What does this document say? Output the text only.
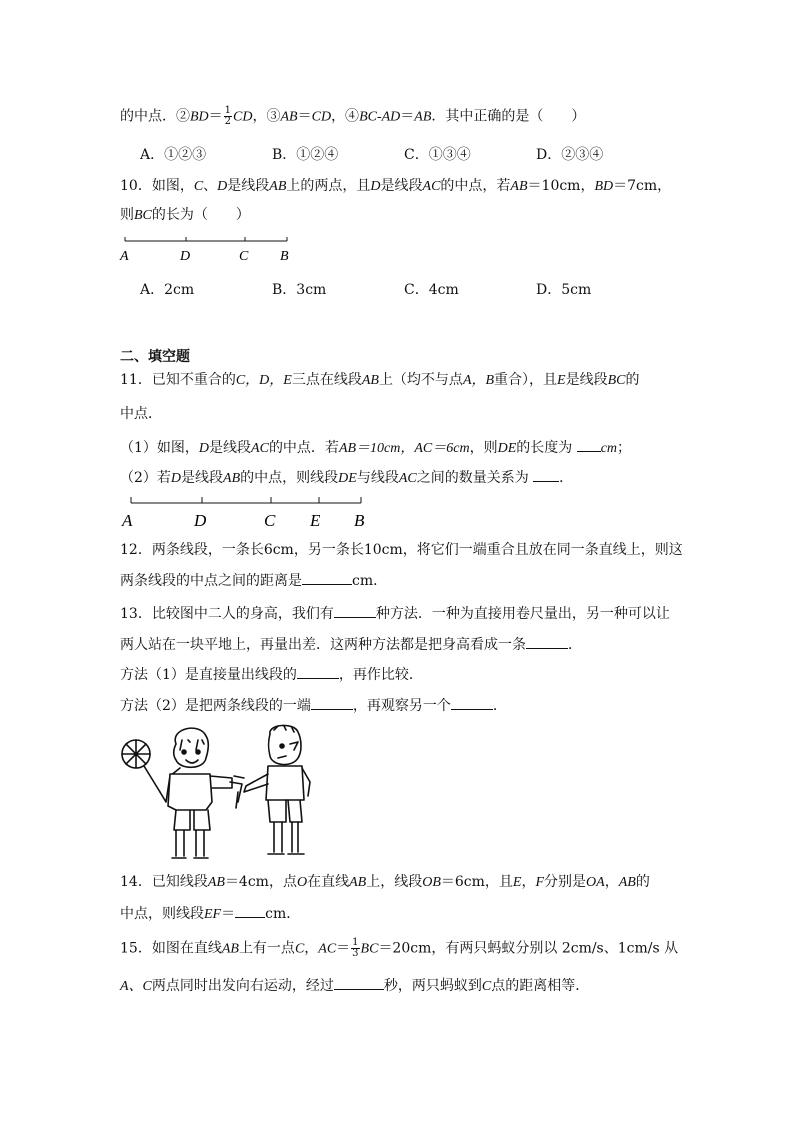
的中点．②BD＝ $\frac{1}{2}$ CD，③AB＝CD，④BC-AD＝AB．其中正确的是（　　）
A．①②③	B．①②④	C．①③④	D．②③④
10．如图，C、D是线段AB上的两点，且D是线段AC的中点，若AB＝10cm，BD＝7cm，
则BC的长为（　　）
A	D	C B
A．2cm	B．3cm	C．4cm	D．5cm
二、填空题
11．已知不重合的C，D，E三点在线段AB上（均不与点A，B重合），且E是线段BC的
中点．
（1）如图，D是线段AC的中点．若AB＝10cm，AC＝6cm，则DE的长度为 cm；
（2）若D是线段AB的中点，则线段DE与线段AC之间的数量关系为 ．
A	D	C E B
12．两条线段，一条长6cm，另一条长10cm，将它们一端重合且放在同一条直线上，则这
两条线段的中点之间的距离是	cm．
13．比较图中二人的身高，我们有	种方法．一种为直接用卷尺量出，另一种可以让
两人站在一块平地上，再量出差．这两种方法都是把身高看成一条	．
方法（1）是直接量出线段的	，再作比较．
方法（2）是把两条线段的一端	，再观察另一个	．
14．已知线段AB＝4cm，点O在直线AB上，线段OB＝6cm，且E，F分别是OA，AB的
中点，则线段EF＝ cm．
15．如图在直线AB上有一点C，$AC= \frac{1}{3} BC=20cm$，有两只蚂蚁分别以 2cm/s、1cm/s 从
A、C两点同时出发向右运动，经过	秒，两只蚂蚁到C点的距离相等．
